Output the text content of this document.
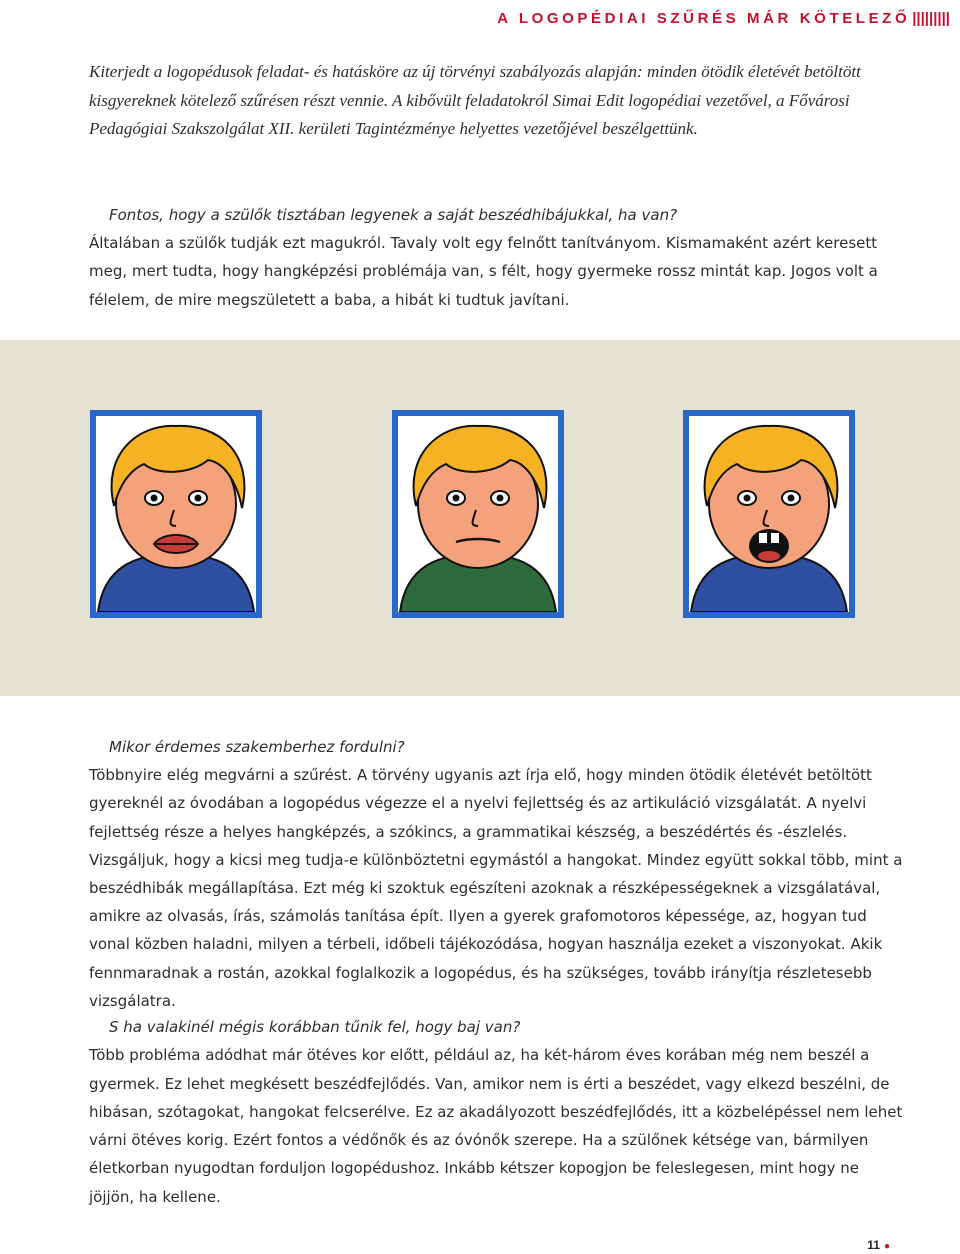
A LOGOPÉDIAI SZŰRÉS MÁR KÖTELEZŐ |||||||||

Kiterjedt a logopédusok feladat- és hatásköre az új törvényi szabályozás alapján: minden ötödik életévét betöltött kisgyereknek kötelező szűrésen részt vennie. A kibővült feladatokról Simai Edit logopédiai vezetővel, a Fővárosi Pedagógiai Szakszolgálat XII. kerületi Tagintézménye helyettes vezetőjével beszélgettünk.

Fontos, hogy a szülők tisztában legyenek a saját beszédhibájukkal, ha van?
Általában a szülők tudják ezt magukról. Tavaly volt egy felnőtt tanítványom. Kismamaként azért keresett meg, mert tudta, hogy hangképzési problémája van, s félt, hogy gyermeke rossz mintát kap. Jogos volt a félelem, de mire megszületett a baba, a hibát ki tudtuk javítani.

Mikor érdemes szakemberhez fordulni?
Többnyire elég megvárni a szűrést. A törvény ugyanis azt írja elő, hogy minden ötödik életévét betöltött gyereknél az óvodában a logopédus végezze el a nyelvi fejlettség és az artikuláció vizsgálatát. A nyelvi fejlettség része a helyes hangképzés, a szókincs, a grammatikai készség, a beszédértés és -észlelés. Vizsgáljuk, hogy a kicsi meg tudja-e különböztetni egymástól a hangokat. Mindez együtt sokkal több, mint a beszédhibák megállapítása. Ezt még ki szoktuk egészíteni azoknak a részképességeknek a vizsgálatával, amikre az olvasás, írás, számolás tanítása épít. Ilyen a gyerek grafomotoros képessége, az, hogyan tud vonal közben haladni, milyen a térbeli, időbeli tájékozódása, hogyan használja ezeket a viszonyokat. Akik fennmaradnak a rostán, azokkal foglalkozik a logopédus, és ha szükséges, tovább irányítja részletesebb vizsgálatra.

S ha valakinél mégis korábban tűnik fel, hogy baj van?
Több probléma adódhat már ötéves kor előtt, például az, ha két-három éves korában még nem beszél a gyermek. Ez lehet megkésett beszédfejlődés. Van, amikor nem is érti a beszédet, vagy elkezd beszélni, de hibásan, szótagokat, hangokat felcserélve. Ez az akadályozott beszédfejlődés, itt a közbelépéssel nem lehet várni ötéves korig. Ezért fontos a védőnők és az óvónők szerepe. Ha a szülőnek kétsége van, bármilyen életkorban nyugodtan forduljon logopédushoz. Inkább kétszer kopogjon be feleslegesen, mint hogy ne jöjjön, ha kellene.

11 ●
